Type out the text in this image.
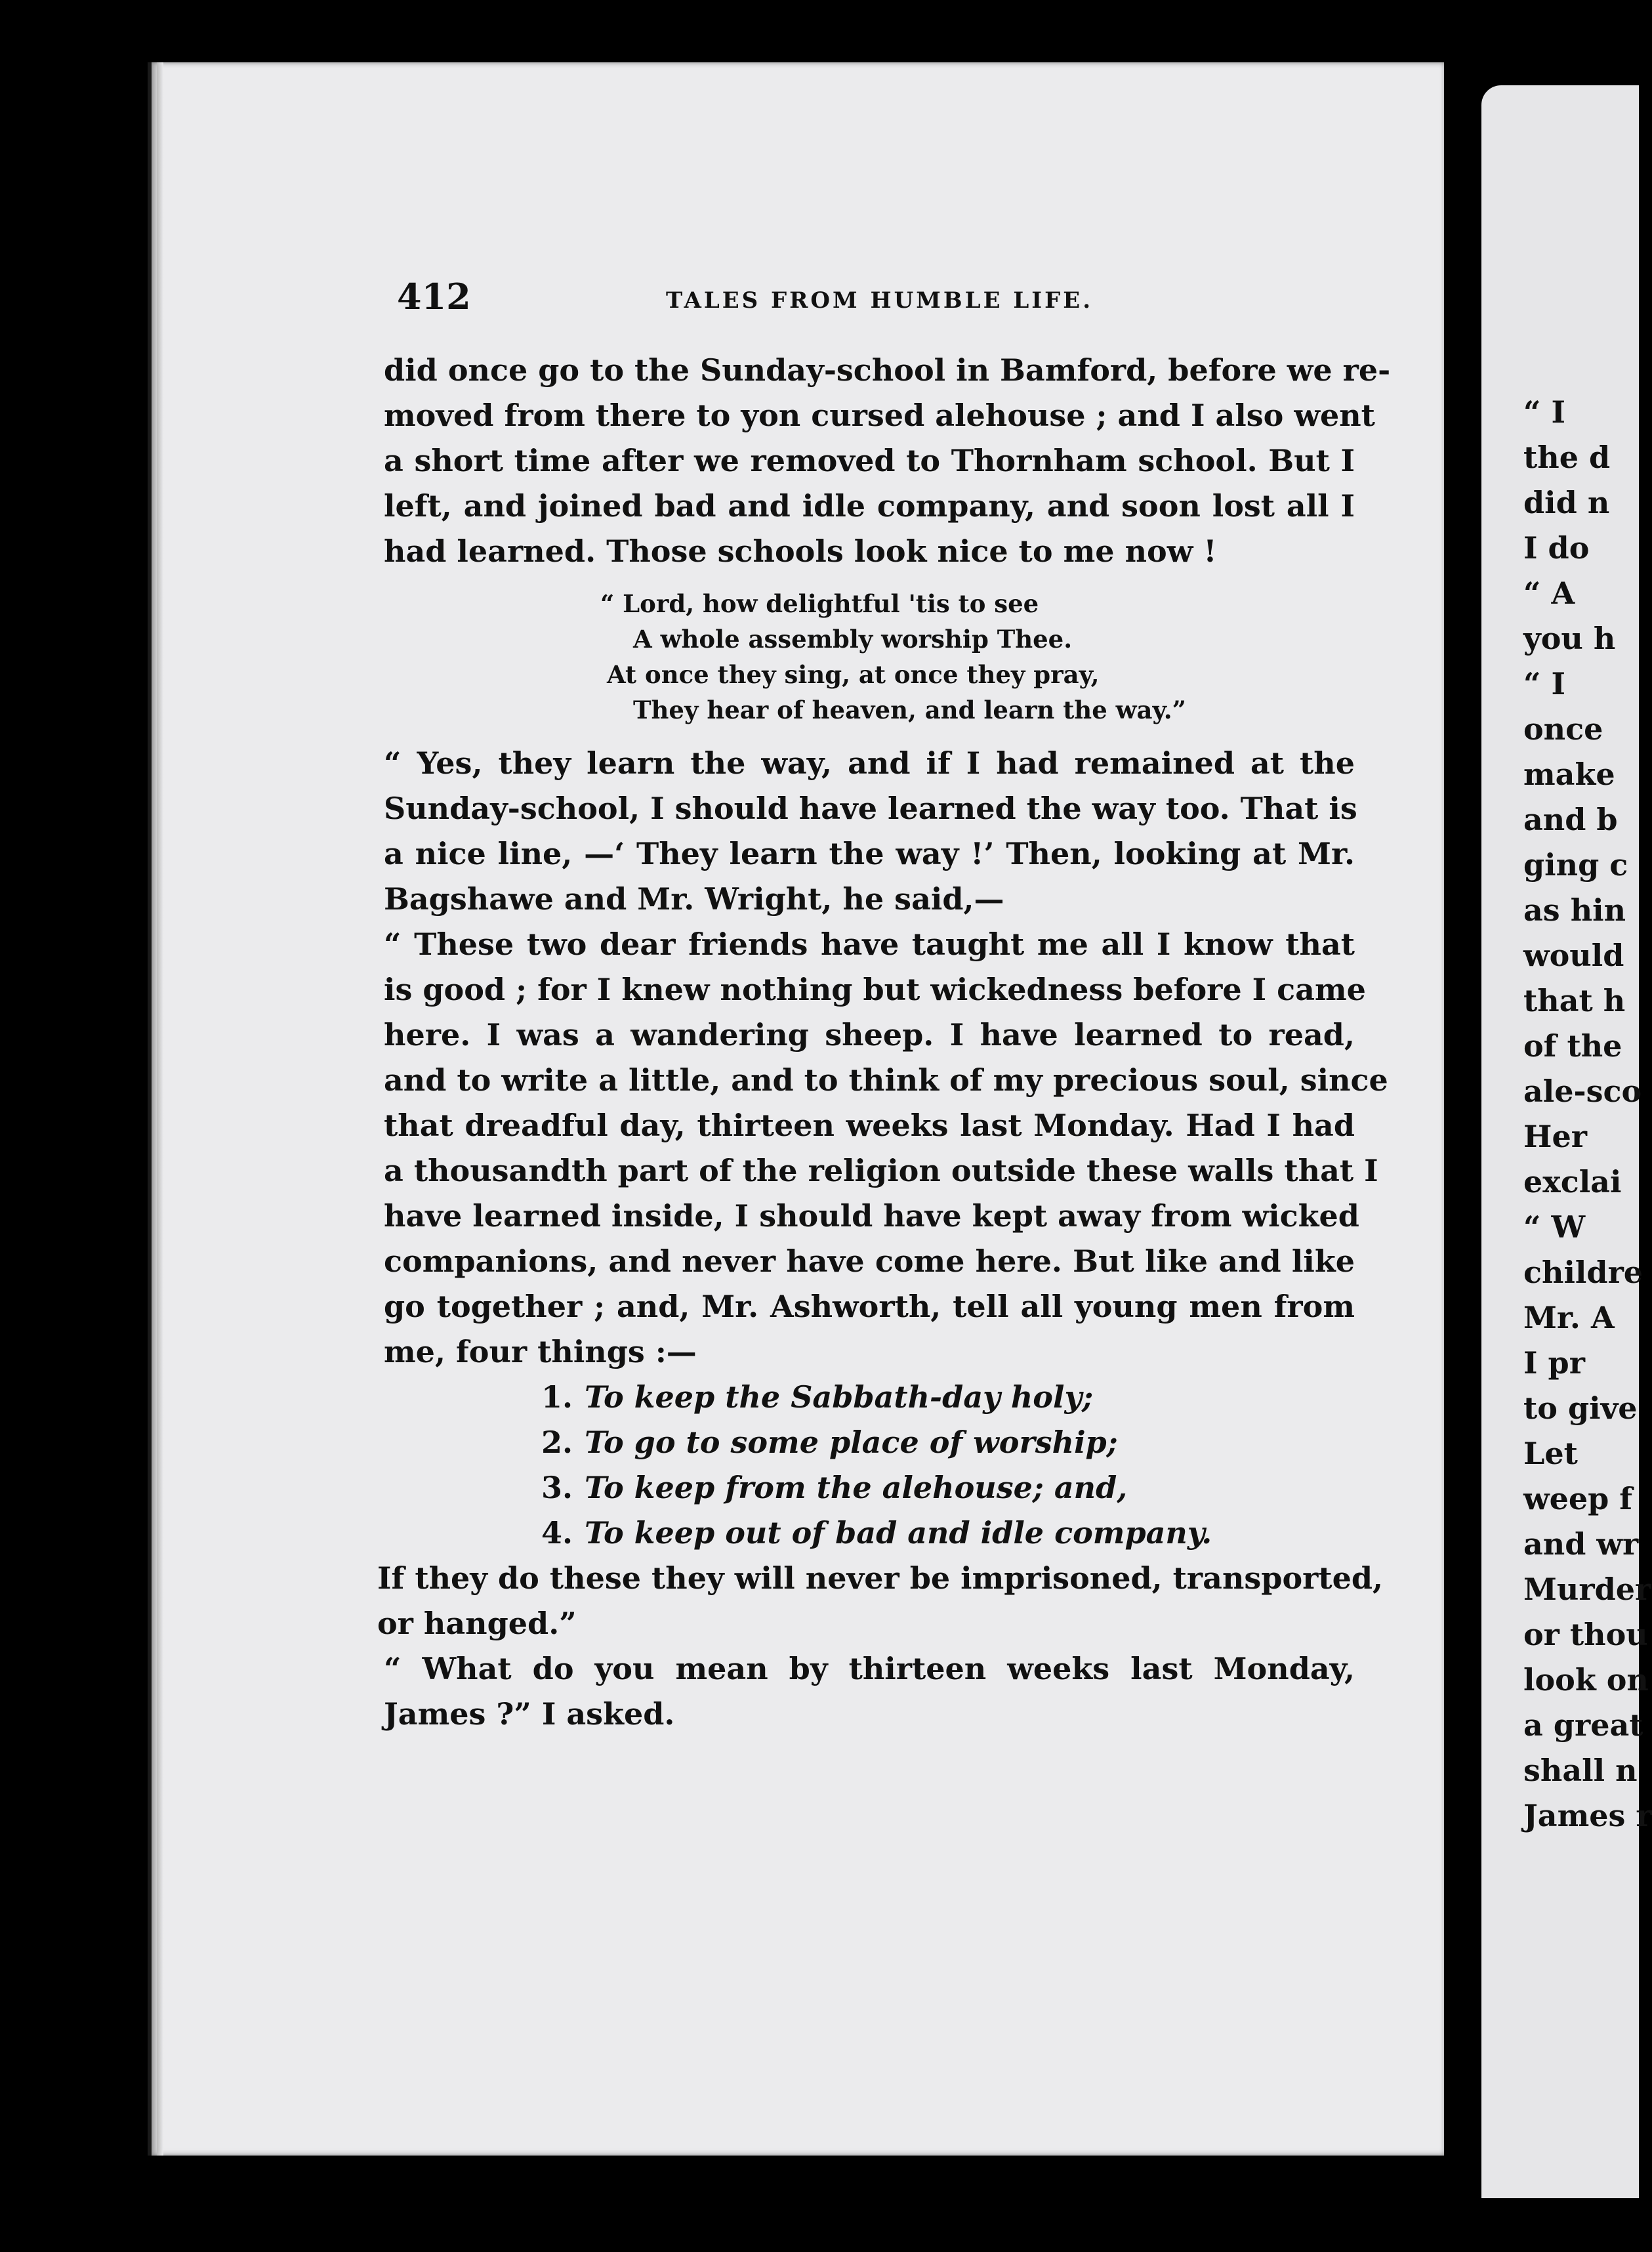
412	TALES FROM HUMBLE LIFE.
did once go to the Sunday-school in Bamford, before we re-
moved from there to yon cursed alehouse ; and I also went
a short time after we removed to Thornham school. But I
left, and joined bad and idle company, and soon lost all I
had learned. Those schools look nice to me now !
“ Lord, how delightful 'tis to see
A whole assembly worship Thee.
At once they sing, at once they pray,
They hear of heaven, and learn the way.”
“ Yes, they learn the way, and if I had remained at the
Sunday-school, I should have learned the way too. That is
a nice line, —‘ They learn the way !’ Then, looking at Mr.
Bagshawe and Mr. Wright, he said,—
“ These two dear friends have taught me all I know that
is good ; for I knew nothing but wickedness before I came
here. I was a wandering sheep. I have learned to read,
and to write a little, and to think of my precious soul, since
that dreadful day, thirteen weeks last Monday. Had I had
a thousandth part of the religion outside these walls that I
have learned inside, I should have kept away from wicked
companions, and never have come here. But like and like
go together ; and, Mr. Ashworth, tell all young men from
me, four things :—
1. To keep the Sabbath-day holy;
2. To go to some place of worship;
3. To keep from the alehouse; and,
4. To keep out of bad and idle company.
If they do these they will never be imprisoned, transported,
or hanged.”
“ What do you mean by thirteen weeks last Monday,
James ?” I asked.
“ I
the d
did n
I do
“ A
you h
“ I
once
make
and b
ging c
as hin
would
that h
of the
ale-sco
Her
exclai
“ W
childre
Mr. A
I pr
to give
Let
weep f
and wr
Murder
or thou
look on
a great
shall n
James r
